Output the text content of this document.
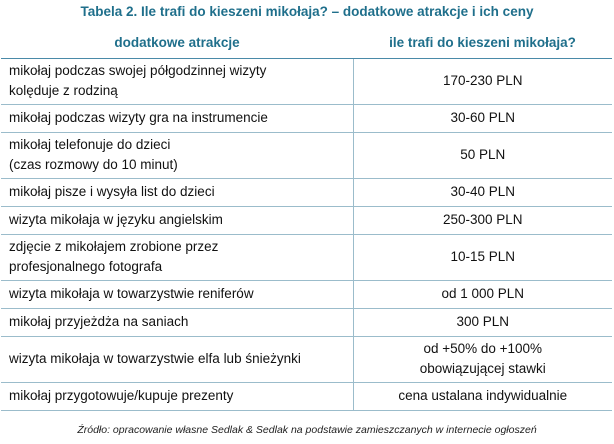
Tabela 2. Ile trafi do kieszeni mikołaja? – dodatkowe atrakcje i ich ceny
dodatkowe atrakcje	ile trafi do kieszeni mikołaja?

mikołaj podczas swojej półgodzinnej wizyty
kolęduje z rodziną	170-230 PLN

mikołaj podczas wizyty gra na instrumencie	30-60 PLN

mikołaj telefonuje do dzieci
(czas rozmowy do 10 minut)	50 PLN

mikołaj pisze i wysyła list do dzieci	30-40 PLN

wizyta mikołaja w języku angielskim	250-300 PLN

zdjęcie z mikołajem zrobione przez
profesjonalnego fotografa	10-15 PLN

wizyta mikołaja w towarzystwie reniferów	od 1 000 PLN

mikołaj przyjeżdża na saniach	300 PLN

wizyta mikołaja w towarzystwie elfa lub śnieżynki	od +50% do +100%
obowiązującej stawki

mikołaj przygotowuje/kupuje prezenty	cena ustalana indywidualnie
Źródło: opracowanie własne Sedlak & Sedlak na podstawie zamieszczanych w internecie ogłoszeń
